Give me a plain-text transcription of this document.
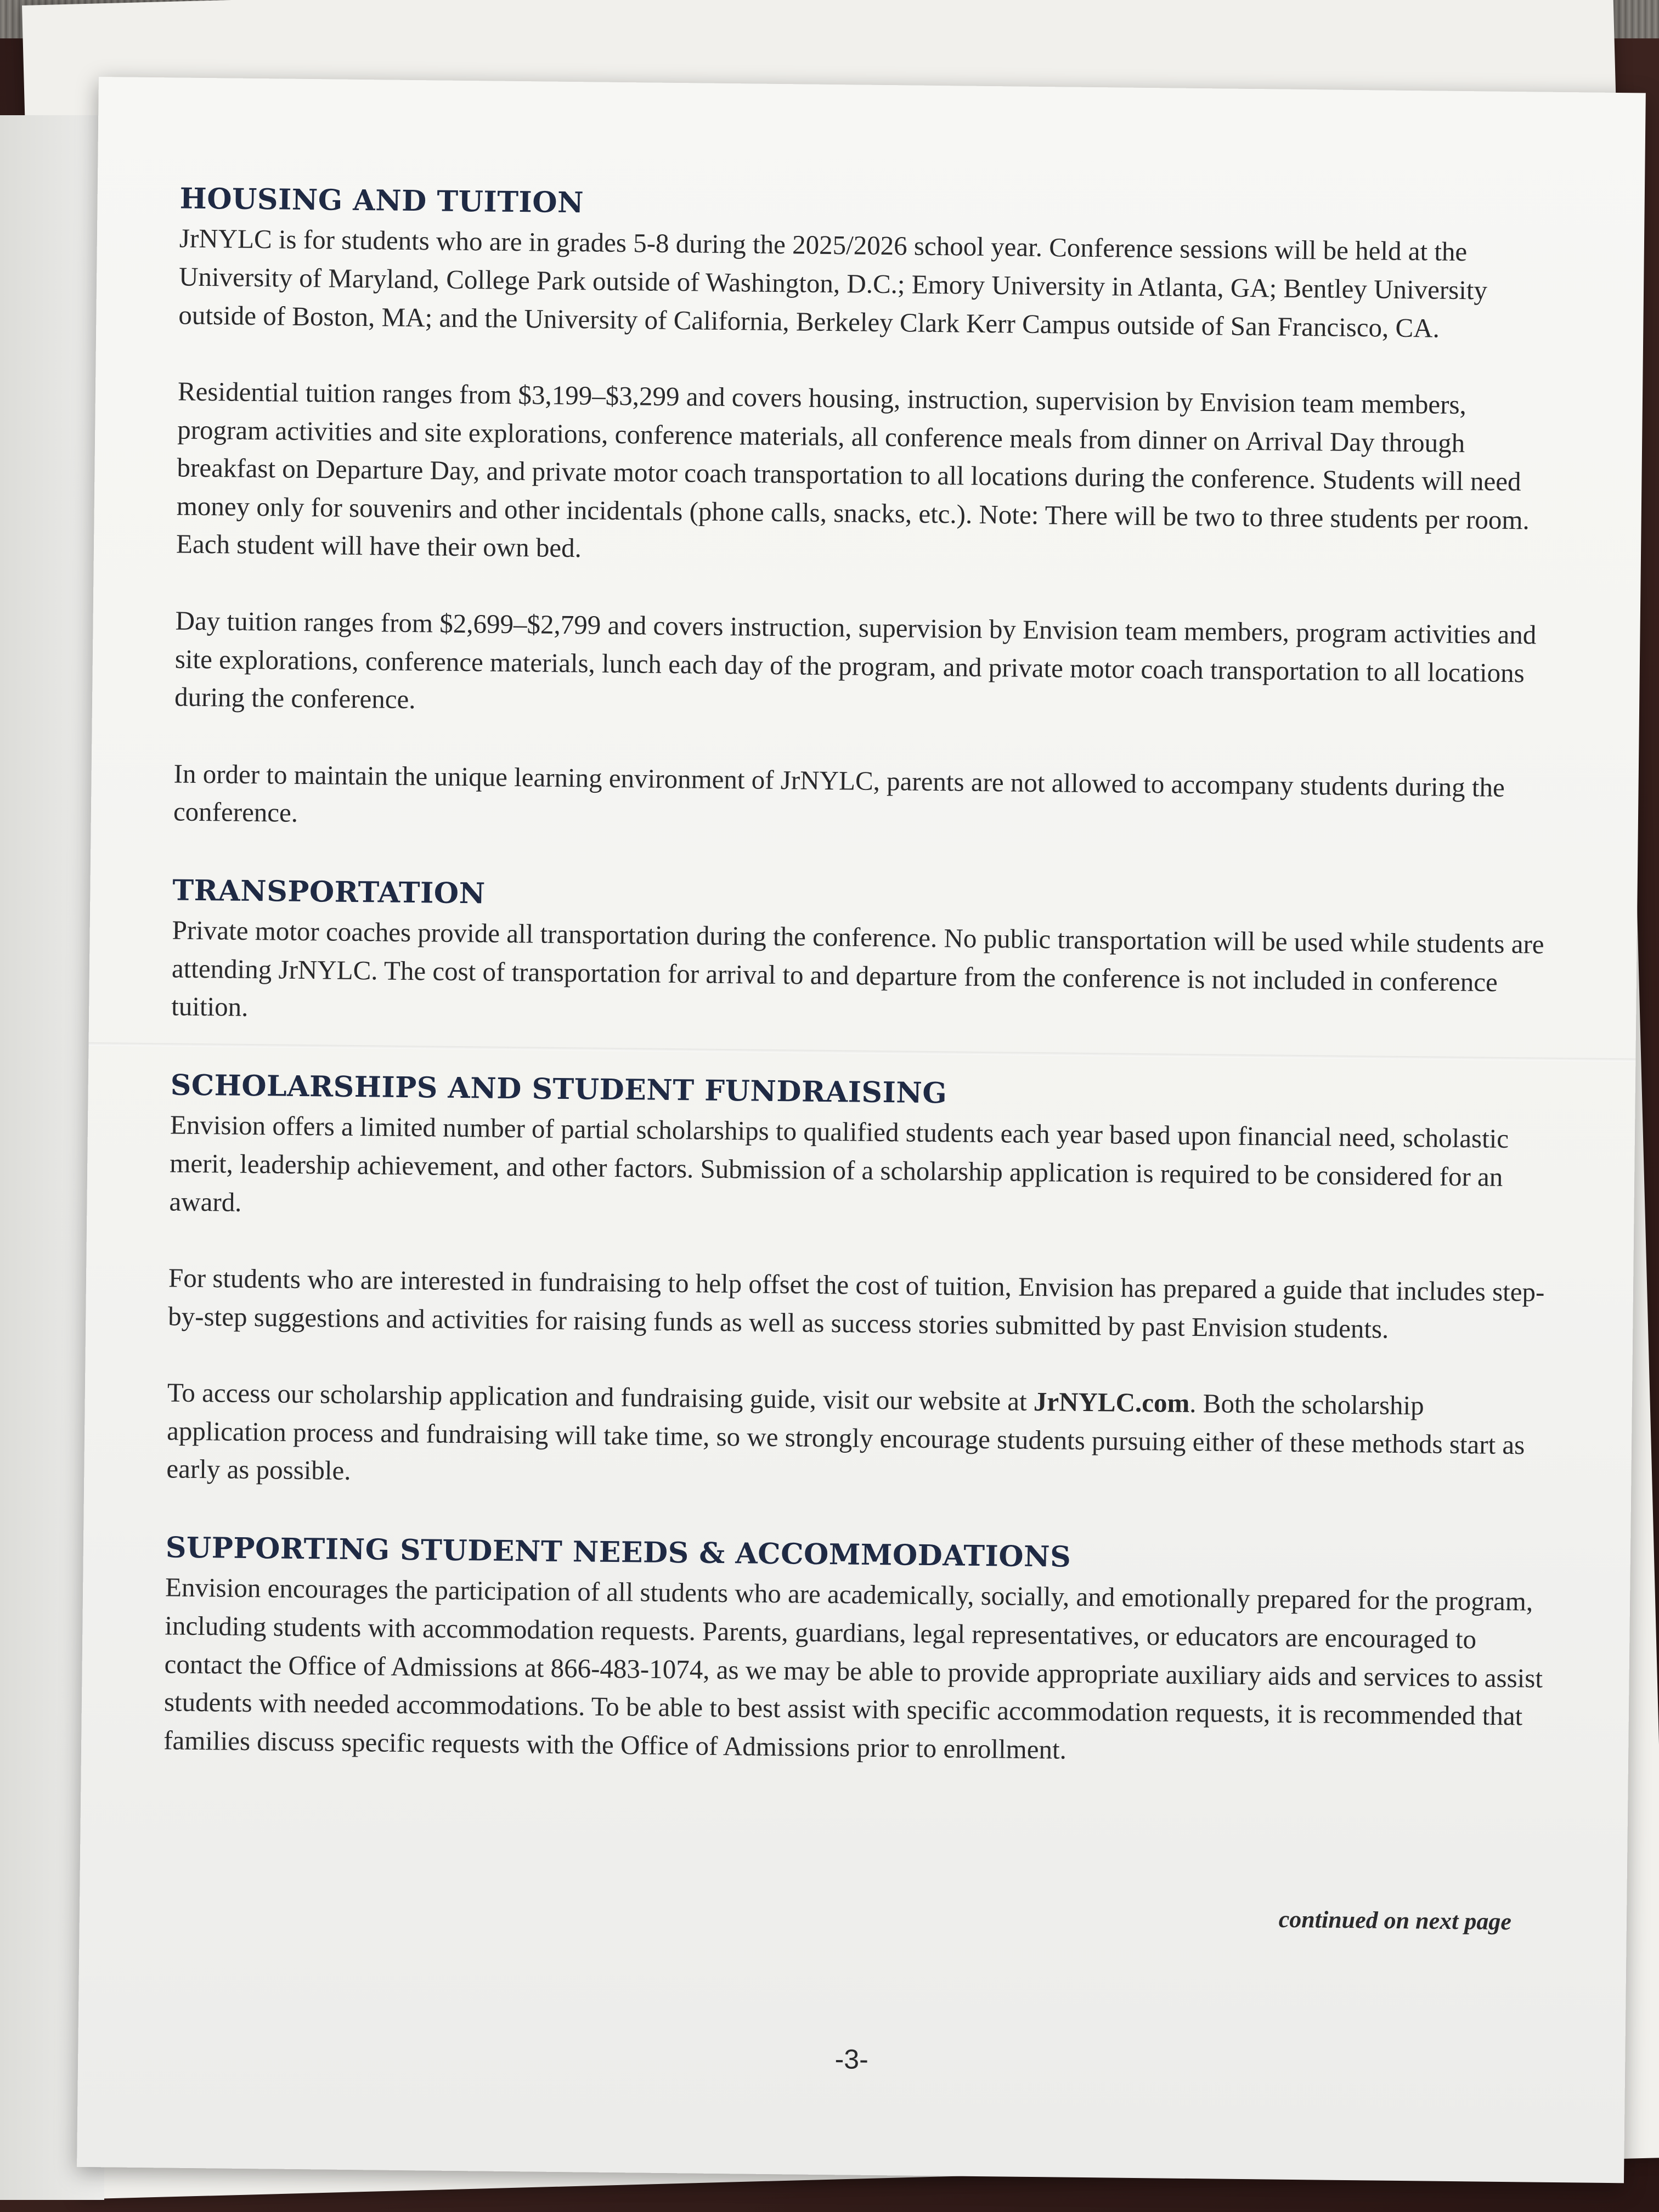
HOUSING AND TUITION

JrNYLC is for students who are in grades 5-8 during the 2025/2026 school year. Conference sessions will be held at the University of Maryland, College Park outside of Washington, D.C.; Emory University in Atlanta, GA; Bentley University outside of Boston, MA; and the University of California, Berkeley Clark Kerr Campus outside of San Francisco, CA.

Residential tuition ranges from $3,199–$3,299 and covers housing, instruction, supervision by Envision team members, program activities and site explorations, conference materials, all conference meals from dinner on Arrival Day through breakfast on Departure Day, and private motor coach transportation to all locations during the conference. Students will need money only for souvenirs and other incidentals (phone calls, snacks, etc.). Note: There will be two to three students per room. Each student will have their own bed.

Day tuition ranges from $2,699–$2,799 and covers instruction, supervision by Envision team members, program activities and site explorations, conference materials, lunch each day of the program, and private motor coach transportation to all locations during the conference.

In order to maintain the unique learning environment of JrNYLC, parents are not allowed to accompany students during the conference.

TRANSPORTATION

Private motor coaches provide all transportation during the conference. No public transportation will be used while students are attending JrNYLC. The cost of transportation for arrival to and departure from the conference is not included in conference tuition.

SCHOLARSHIPS AND STUDENT FUNDRAISING

Envision offers a limited number of partial scholarships to qualified students each year based upon financial need, scholastic merit, leadership achievement, and other factors. Submission of a scholarship application is required to be considered for an award.

For students who are interested in fundraising to help offset the cost of tuition, Envision has prepared a guide that includes step-by-step suggestions and activities for raising funds as well as success stories submitted by past Envision students.

To access our scholarship application and fundraising guide, visit our website at JrNYLC.com. Both the scholarship application process and fundraising will take time, so we strongly encourage students pursuing either of these methods start as early as possible.

SUPPORTING STUDENT NEEDS & ACCOMMODATIONS

Envision encourages the participation of all students who are academically, socially, and emotionally prepared for the program, including students with accommodation requests. Parents, guardians, legal representatives, or educators are encouraged to contact the Office of Admissions at 866-483-1074, as we may be able to provide appropriate auxiliary aids and services to assist students with needed accommodations. To be able to best assist with specific accommodation requests, it is recommended that families discuss specific requests with the Office of Admissions prior to enrollment.

continued on next page
-3-
